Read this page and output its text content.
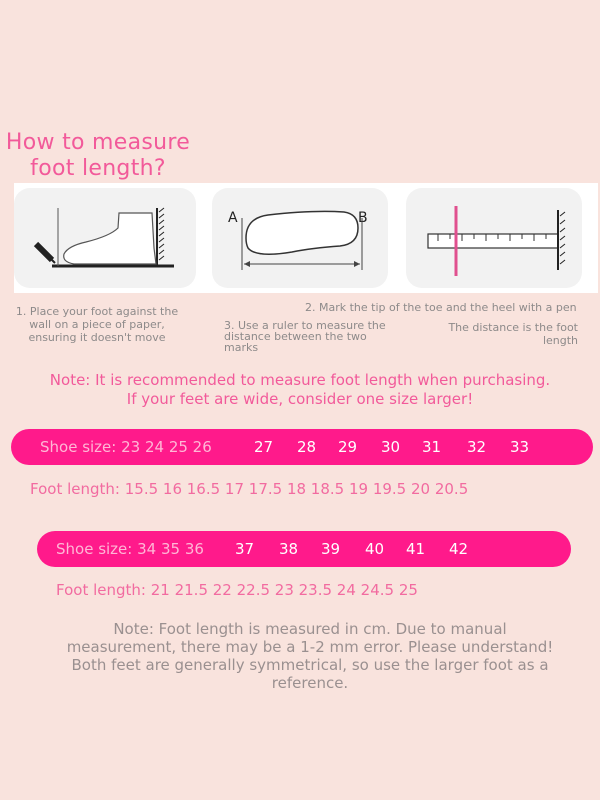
How to measure
foot length?
A	B

1. Place your foot against the
wall on a piece of paper,
ensuring it doesn't move

2. Mark the tip of the toe and the heel with a pen

3. Use a ruler to measure the
distance between the two
marks

The distance is the foot
length

Note: It is recommended to measure foot length when purchasing.
If your feet are wide, consider one size larger!

Shoe size: 23 24 25 26	27 28 29 30 31 32 33

Foot length: 15.5 16 16.5 17 17.5 18 18.5 19 19.5 20 20.5

Shoe size: 34 35 36 37 38 39 40 41 42

Foot length: 21 21.5 22 22.5 23 23.5 24 24.5 25

Note: Foot length is measured in cm. Due to manual
measurement, there may be a 1-2 mm error. Please understand!
Both feet are generally symmetrical, so use the larger foot as a
reference.
